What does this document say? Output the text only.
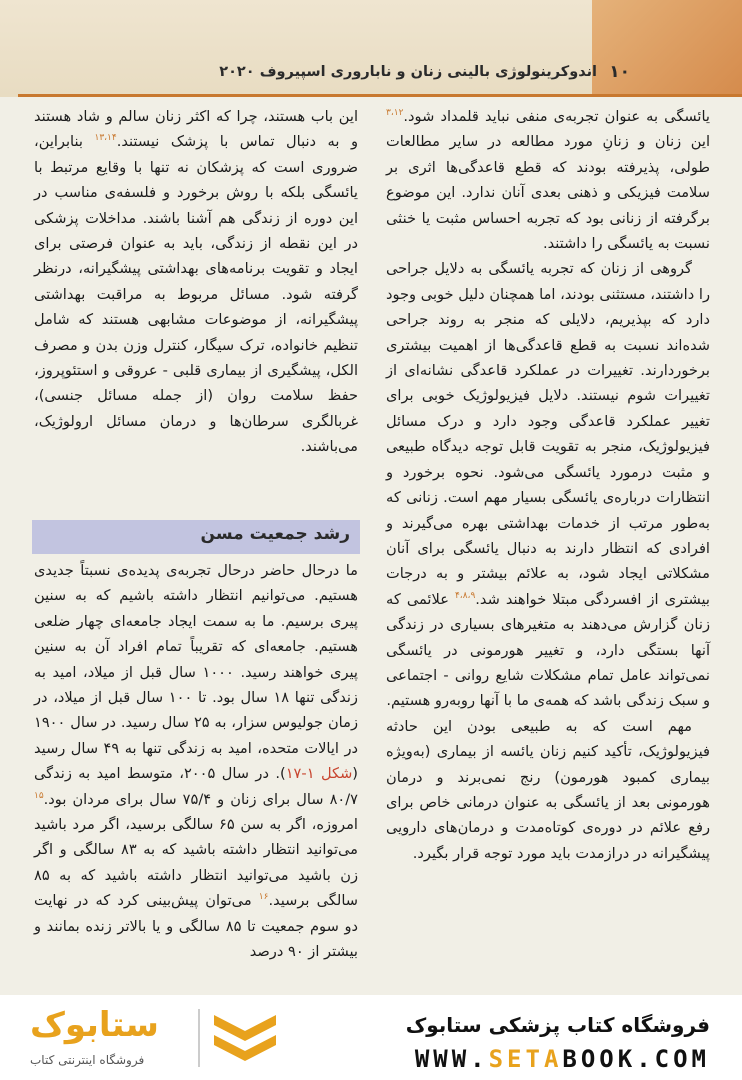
۱۰
اندوکرینولوژی بالینی زنان و ناباروری اسپیروف ۲۰۲۰

یائسگی به عنوان تجربه‌ی منفی نباید قلمداد شود.$^{۳،۱۲}$ این زنان و زنانِ مورد مطالعه در سایر مطالعات طولی، پذیرفته بودند که قطع قاعدگی‌ها اثری بر سلامت فیزیکی و ذهنی بعدی آنان ندارد. این موضوع برگرفته از زنانی بود که تجربه احساس مثبت یا خنثی نسبت به یائسگی را داشتند.

گروهی از زنان که تجربه یائسگی به دلایل جراحی را داشتند، مستثنی بودند، اما همچنان دلیل خوبی وجود دارد که بپذیریم، دلایلی که منجر به روند جراحی شده‌اند نسبت به قطع قاعدگی‌ها از اهمیت بیشتری برخوردارند. تغییرات در عملکرد قاعدگی نشانه‌ای از تغییرات شوم نیستند. دلایل فیزیولوژیک خوبی برای تغییر عملکرد قاعدگی وجود دارد و درک مسائل فیزیولوژیک، منجر به تقویت قابل توجه دیدگاه طبیعی و مثبت درمورد یائسگی می‌شود. نحوه برخورد و انتظارات درباره‌ی یائسگی بسیار مهم است. زنانی که به‌طور مرتب از خدمات بهداشتی بهره می‌گیرند و افرادی که انتظار دارند به دنبال یائسگی برای آنان مشکلاتی ایجاد شود، به علائم بیشتر و به درجات بیشتری از افسردگی مبتلا خواهند شد.$^{۴،۸،۹}$ علائمی که زنان گزارش می‌دهند به متغیرهای بسیاری در زندگی آنها بستگی دارد، و تغییر هورمونی در یائسگی نمی‌تواند عامل تمام مشکلات شایع روانی - اجتماعی و سبک زندگی باشد که همه‌ی ما با آنها روبه‌رو هستیم.

مهم است که به طبیعی بودن این حادثه فیزیولوژیک، تأکید کنیم زنان یائسه از بیماری (به‌ویژه بیماری کمبود هورمون) رنج نمی‌برند و درمان هورمونی بعد از یائسگی به عنوان درمانی خاص برای رفع علائم در دوره‌ی کوتاه‌مدت و درمان‌های دارویی پیشگیرانه در درازمدت باید مورد توجه قرار بگیرد.

این باب هستند، چرا که اکثر زنان سالم و شاد هستند و به دنبال تماس با پزشک نیستند.$^{۱۳،۱۴}$ بنابراین، ضروری است که پزشکان نه تنها با وقایع مرتبط با یائسگی بلکه با روش برخورد و فلسفه‌ی مناسب در این دوره از زندگی هم آشنا باشند. مداخلات پزشکی در این نقطه از زندگی، باید به عنوان فرصتی برای ایجاد و تقویت برنامه‌های بهداشتی پیشگیرانه، درنظر گرفته شود. مسائل مربوط به مراقبت بهداشتی پیشگیرانه، از موضوعات مشابهی هستند که شامل تنظیم خانواده، ترک سیگار، کنترل وزن بدن و مصرف الکل، پیشگیری از بیماری قلبی - عروقی و استئوپروز، حفظ سلامت روان (از جمله مسائل جنسی)، غربالگری سرطان‌ها و درمان مسائل ارولوژیک، می‌باشند.

رشد جمعیت مسن

ما درحال حاضر درحال تجربه‌ی پدیده‌ی نسبتاً جدیدی هستیم. می‌توانیم انتظار داشته باشیم که به سنین پیری برسیم. ما به سمت ایجاد جامعه‌ای چهار ضلعی هستیم. جامعه‌ای که تقریباً تمام افراد آن به سنین پیری خواهند رسید. ۱۰۰۰ سال قبل از میلاد، امید به زندگی تنها ۱۸ سال بود. تا ۱۰۰ سال قبل از میلاد، در زمان جولیوس سزار، به ۲۵ سال رسید. در سال ۱۹۰۰ در ایالات متحده، امید به زندگی تنها به ۴۹ سال رسید (شکل ۱-۱۷). در سال ۲۰۰۵، متوسط امید به زندگی ۸۰/۷ سال برای زنان و ۷۵/۴ سال برای مردان بود.$^{۱۵}$ امروزه، اگر به سن ۶۵ سالگی برسید، اگر مرد باشید می‌توانید انتظار داشته باشید که به ۸۳ سالگی و اگر زن باشید می‌توانید انتظار داشته باشید که به ۸۵ سالگی برسید.$^{۱۶}$ می‌توان پیش‌بینی کرد که در نهایت دو سوم جمعیت تا ۸۵ سالگی و یا بالاتر زنده بمانند و بیشتر از ۹۰ درصد

فروشگاه کتاب پزشکی ستابوک
WWW.SETABOOK.COM
ستابوک
فروشگاه اینترنتی کتاب
